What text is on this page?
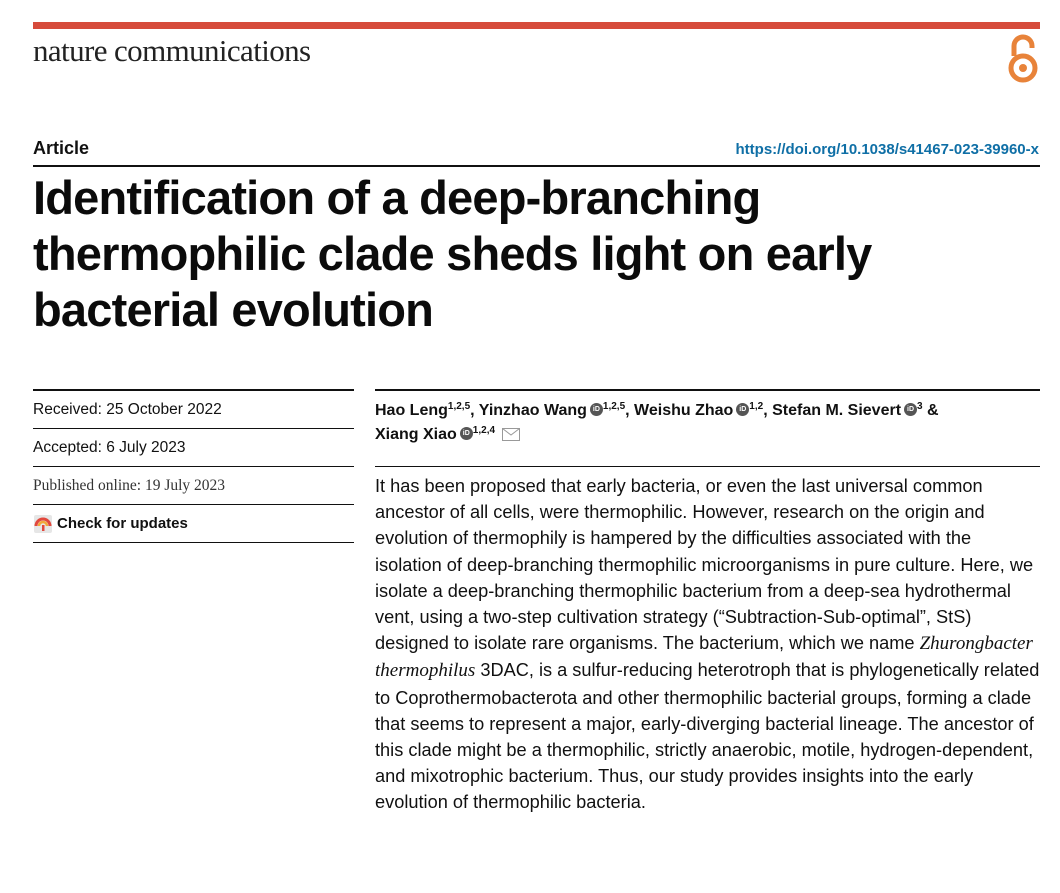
nature communications
Article	https://doi.org/10.1038/s41467-023-39960-x
Identification of a deep-branching thermophilic clade sheds light on early bacterial evolution
Received: 25 October 2022
Accepted: 6 July 2023
Published online: 19 July 2023
Check for updates
Hao Leng$^{1,2,5}$, Yinzhao Wang iD $^{1,2,5}$, Weishu Zhao iD $^{1,2}$, Stefan M. Sievert iD $^3$ &
Xiang Xiao iD $^{1,2,4}$

It has been proposed that early bacteria, or even the last universal common ancestor of all cells, were thermophilic. However, research on the origin and evolution of thermophily is hampered by the difficulties associated with the isolation of deep-branching thermophilic microorganisms in pure culture. Here, we isolate a deep-branching thermophilic bacterium from a deep-sea hydrothermal vent, using a two-step cultivation strategy (“Subtraction-Sub-optimal”, StS) designed to isolate rare organisms. The bacterium, which we name Zhurongbacter thermophilus 3DAC, is a sulfur-reducing heterotroph that is phylogenetically related to Coprothermobacterota and other thermophilic bacterial groups, forming a clade that seems to represent a major, early-diverging bacterial lineage. The ancestor of this clade might be a thermophilic, strictly anaerobic, motile, hydrogen-dependent, and mixotrophic bacterium. Thus, our study provides insights into the early evolution of thermophilic bacteria.
